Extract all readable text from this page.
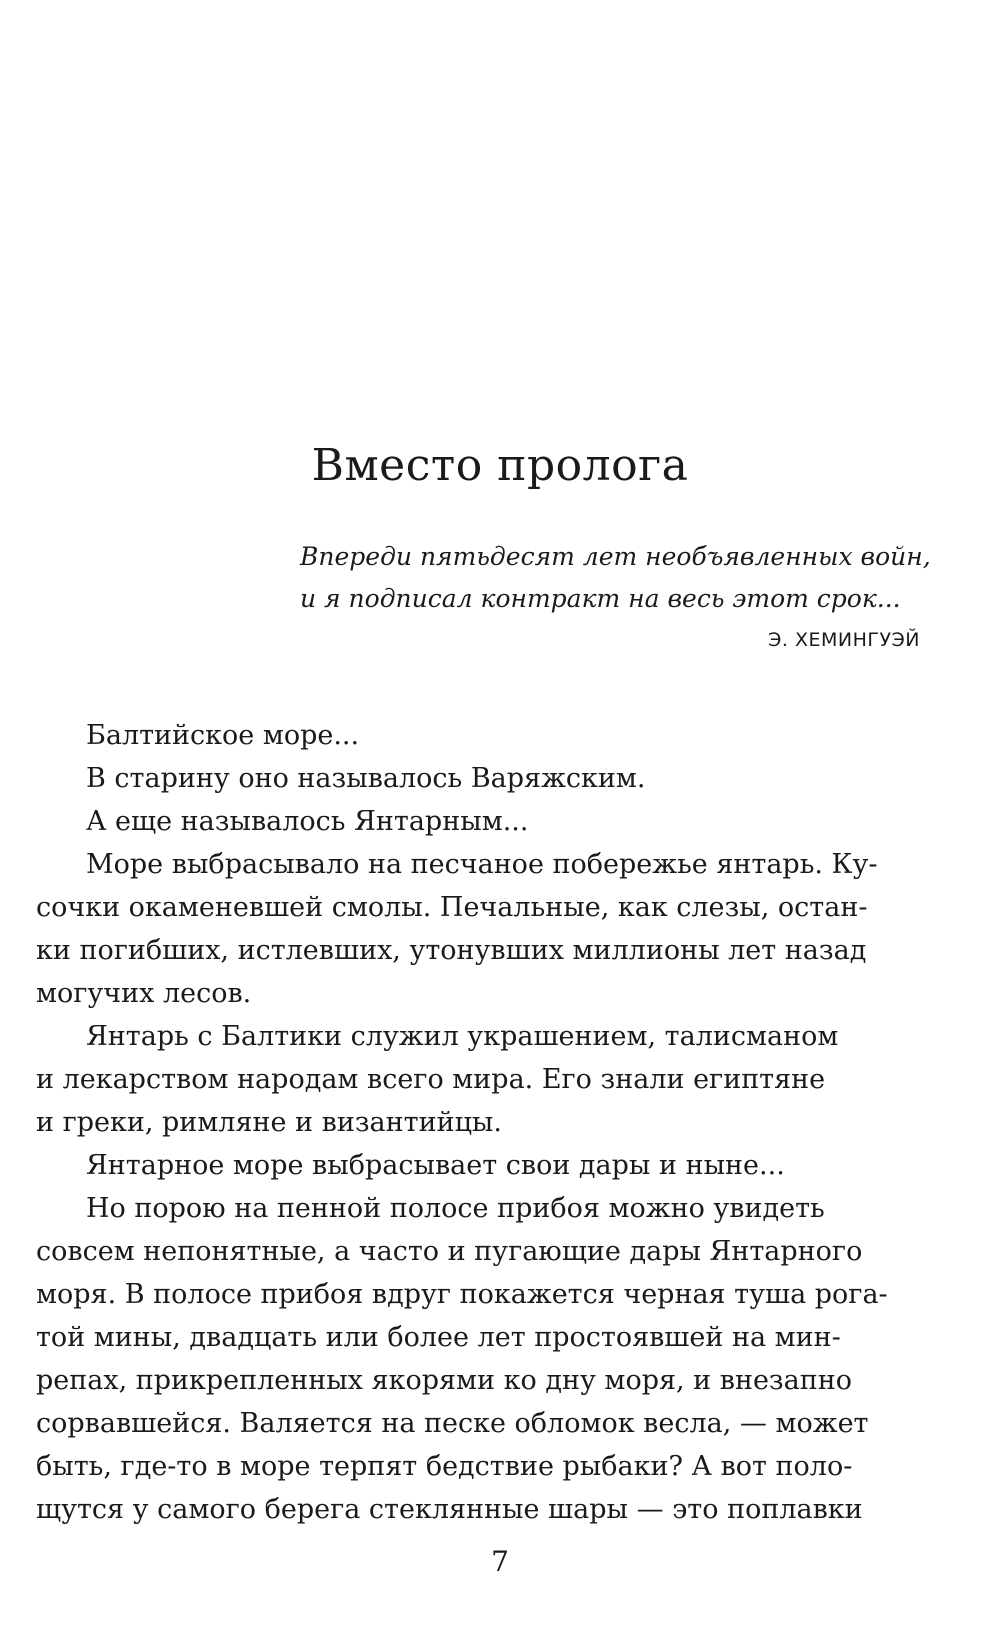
Вместо пролога
Впереди пятьдесят лет необъявленных войн,
и я подписал контракт на весь этот срок...
Э. ХЕМИНГУЭЙ
Балтийское море...
В старину оно называлось Варяжским.
А еще называлось Янтарным...
Море выбрасывало на песчаное побережье янтарь. Ку-
сочки окаменевшей смолы. Печальные, как слезы, остан-
ки погибших, истлевших, утонувших миллионы лет назад
могучих лесов.
Янтарь с Балтики служил украшением, талисманом
и лекарством народам всего мира. Его знали египтяне
и греки, римляне и византийцы.
Янтарное море выбрасывает свои дары и ныне...
Но порою на пенной полосе прибоя можно увидеть
совсем непонятные, а часто и пугающие дары Янтарного
моря. В полосе прибоя вдруг покажется черная туша рога-
той мины, двадцать или более лет простоявшей на мин-
репах, прикрепленных якорями ко дну моря, и внезапно
сорвавшейся. Валяется на песке обломок весла, — может
быть, где-то в море терпят бедствие рыбаки? А вот поло-
щутся у самого берега стеклянные шары — это поплавки
7
